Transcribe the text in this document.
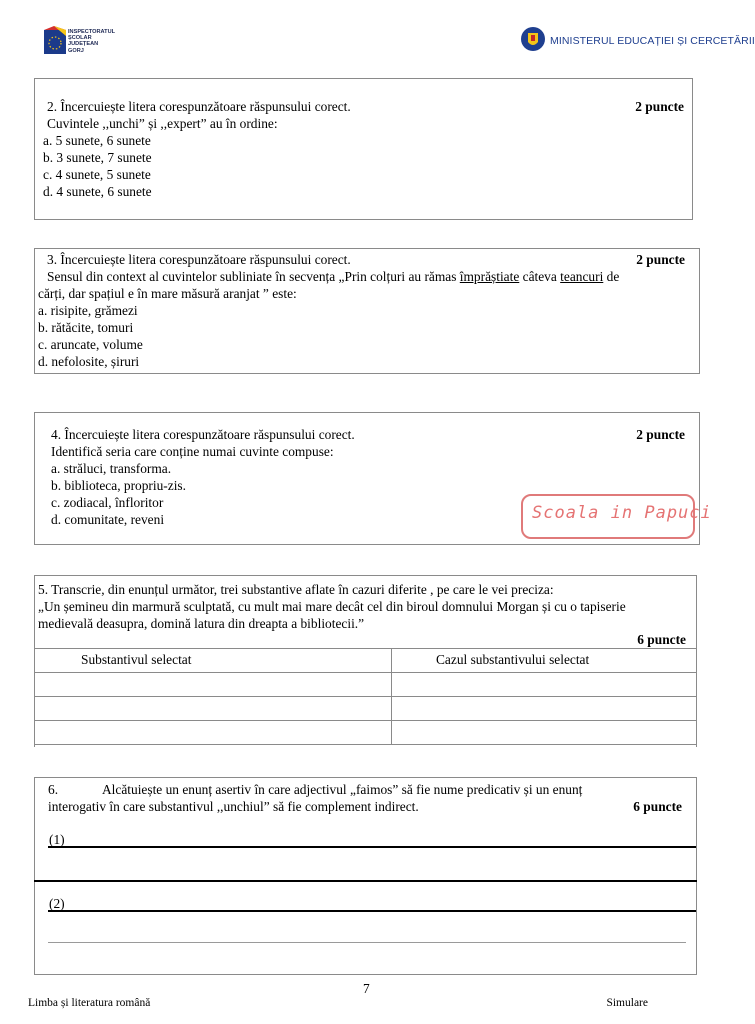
INSPECTORATUL
ȘCOLAR
JUDEȚEAN
GORJ
MINISTERUL EDUCAȚIEI ȘI CERCETĂRII
2. Încercuiește litera corespunzătoare răspunsului corect.	2 puncte
Cuvintele ,,unchi” și ,,expert” au în ordine:
a. 5 sunete, 6 sunete
b. 3 sunete, 7 sunete
c. 4 sunete, 5 sunete
d. 4 sunete, 6 sunete
3. Încercuiește litera corespunzătoare răspunsului corect.	2 puncte
Sensul din context al cuvintelor subliniate în secvența „Prin colțuri au rămas împrăștiate câteva teancuri de
cărți, dar spațiul e în mare măsură aranjat ” este:
a. risipite, grămezi
b. rătăcite, tomuri
c. aruncate, volume
d. nefolosite, șiruri
4. Încercuiește litera corespunzătoare răspunsului corect.	2 puncte
Identifică seria care conține numai cuvinte compuse:
a. străluci, transforma.
b. biblioteca, propriu-zis.
c. zodiacal, înfloritor
d. comunitate, reveni	Scoala in Papuci
5. Transcrie, din enunțul următor, trei substantive aflate în cazuri diferite , pe care le vei preciza:
„Un șemineu din marmură sculptată, cu mult mai mare decât cel din biroul domnului Morgan și cu o tapiserie
medievală deasupra, domină latura din dreapta a bibliotecii.”
6 puncte
Substantivul selectat	Cazul substantivului selectat

6.	Alcătuiește un enunț asertiv în care adjectivul „faimos” să fie nume predicativ și un enunț
interogativ în care substantivul ,,unchiul” să fie complement indirect.	6 puncte
(1)
(2)
7
Limba și literatura română	Simulare
